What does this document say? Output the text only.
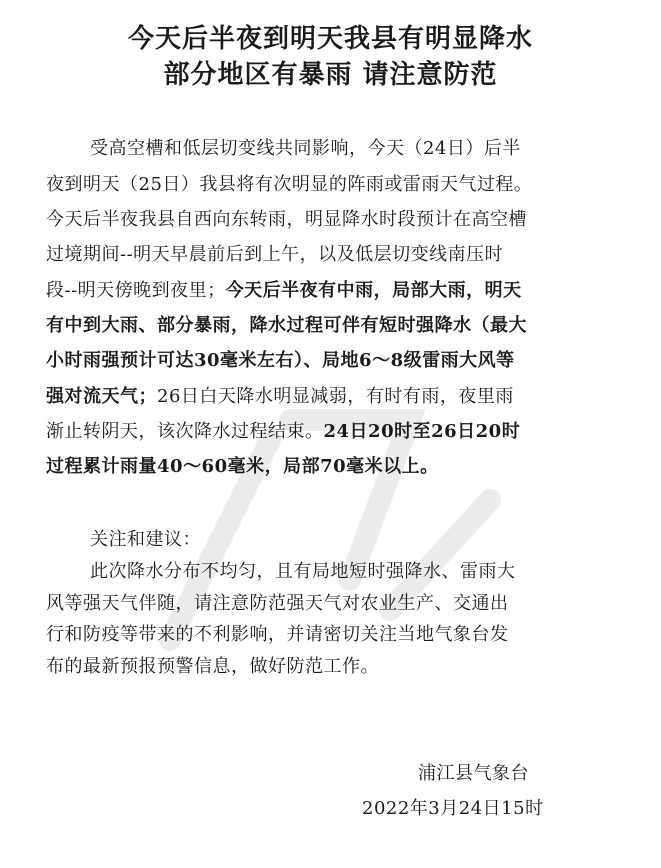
今天后半夜到明天我县有明显降水
部分地区有暴雨 请注意防范

受高空槽和低层切变线共同影响，今天（24日）后半

夜到明天（25日）我县将有次明显的阵雨或雷雨天气过程。

今天后半夜我县自西向东转雨，明显降水时段预计在高空槽

过境期间--明天早晨前后到上午，以及低层切变线南压时

段--明天傍晚到夜里；今天后半夜有中雨，局部大雨，明天

有中到大雨、部分暴雨，降水过程可伴有短时强降水（最大

小时雨强预计可达30毫米左右）、局地6～8级雷雨大风等

强对流天气；26日白天降水明显减弱，有时有雨，夜里雨

渐止转阴天，该次降水过程结束。24日20时至26日20时

过程累计雨量40～60毫米，局部70毫米以上。

关注和建议：

此次降水分布不均匀，且有局地短时强降水、雷雨大

风等强天气伴随，请注意防范强天气对农业生产、交通出

行和防疫等带来的不利影响，并请密切关注当地气象台发

布的最新预报预警信息，做好防范工作。

浦江县气象台

2022年3月24日15时
